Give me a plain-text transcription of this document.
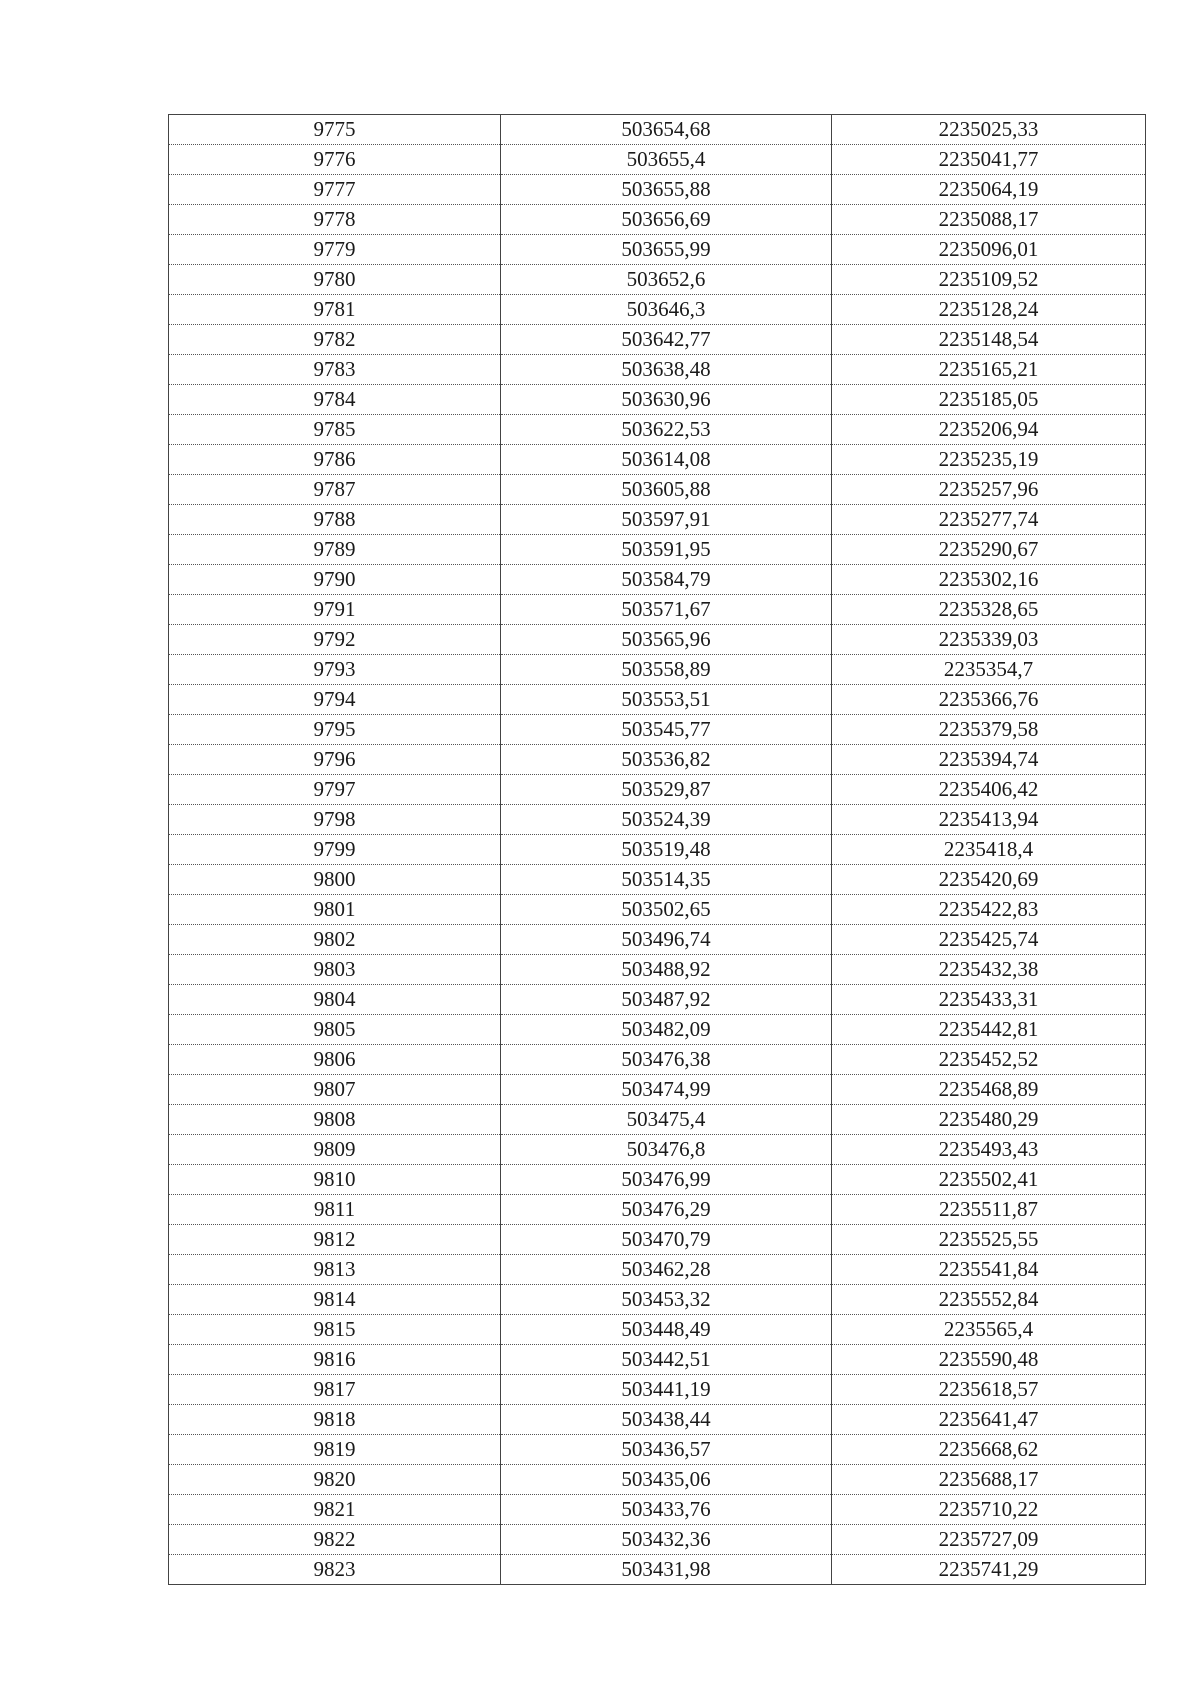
9775	503654,68	2235025,33
9776	503655,4	2235041,77
9777	503655,88	2235064,19
9778	503656,69	2235088,17
9779	503655,99	2235096,01
9780	503652,6	2235109,52
9781	503646,3	2235128,24
9782	503642,77	2235148,54
9783	503638,48	2235165,21
9784	503630,96	2235185,05
9785	503622,53	2235206,94
9786	503614,08	2235235,19
9787	503605,88	2235257,96
9788	503597,91	2235277,74
9789	503591,95	2235290,67
9790	503584,79	2235302,16
9791	503571,67	2235328,65
9792	503565,96	2235339,03
9793	503558,89	2235354,7
9794	503553,51	2235366,76
9795	503545,77	2235379,58
9796	503536,82	2235394,74
9797	503529,87	2235406,42
9798	503524,39	2235413,94
9799	503519,48	2235418,4
9800	503514,35	2235420,69
9801	503502,65	2235422,83
9802	503496,74	2235425,74
9803	503488,92	2235432,38
9804	503487,92	2235433,31
9805	503482,09	2235442,81
9806	503476,38	2235452,52
9807	503474,99	2235468,89
9808	503475,4	2235480,29
9809	503476,8	2235493,43
9810	503476,99	2235502,41
9811	503476,29	2235511,87
9812	503470,79	2235525,55
9813	503462,28	2235541,84
9814	503453,32	2235552,84
9815	503448,49	2235565,4
9816	503442,51	2235590,48
9817	503441,19	2235618,57
9818	503438,44	2235641,47
9819	503436,57	2235668,62
9820	503435,06	2235688,17
9821	503433,76	2235710,22
9822	503432,36	2235727,09
9823	503431,98	2235741,29
